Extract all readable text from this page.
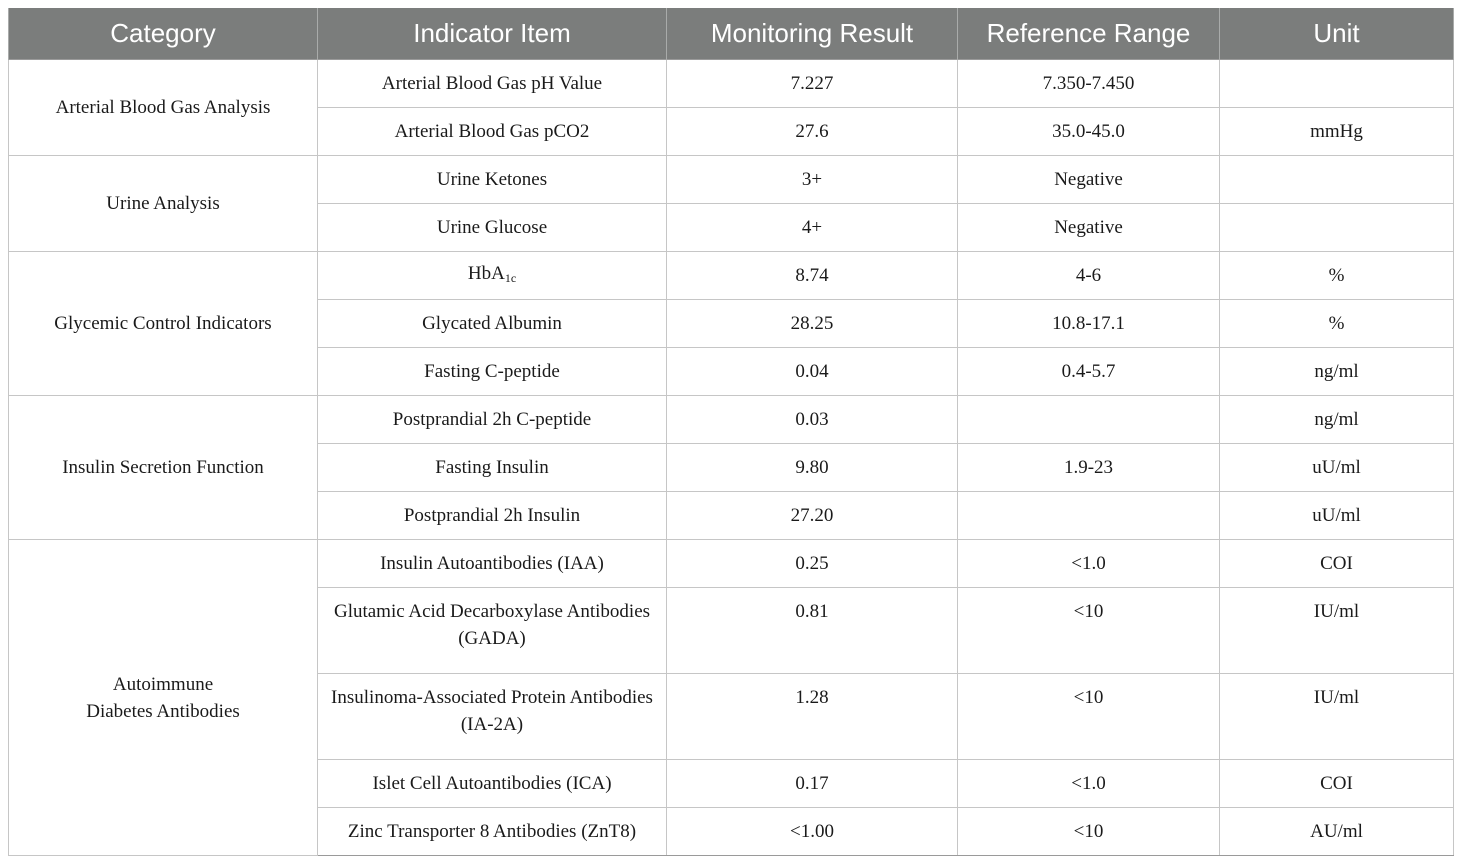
Category	Indicator Item	Monitoring Result	Reference Range	Unit
Arterial Blood Gas Analysis	Arterial Blood Gas pH Value	7.227	7.350-7.450	
	Arterial Blood Gas pCO2	27.6	35.0-45.0	mmHg
Urine Analysis	Urine Ketones	3+	Negative	
	Urine Glucose	4+	Negative	
Glycemic Control Indicators	HbA$_{1c}$	8.74	4-6	%
	Glycated Albumin	28.25	10.8-17.1	%
	Fasting C-peptide	0.04	0.4-5.7	ng/ml
Insulin Secretion Function	Postprandial 2h C-peptide	0.03		ng/ml
	Fasting Insulin	9.80	1.9-23	uU/ml
	Postprandial 2h Insulin	27.20		uU/ml
Autoimmune
Diabetes Antibodies	Insulin Autoantibodies (IAA)	0.25	<1.0	COI
	Glutamic Acid Decarboxylase Antibodies (GADA)	0.81	<10	IU/ml
	Insulinoma-Associated Protein Antibodies (IA-2A)	1.28	<10	IU/ml
	Islet Cell Autoantibodies (ICA)	0.17	<1.0	COI
	Zinc Transporter 8 Antibodies (ZnT8)	<1.00	<10	AU/ml
